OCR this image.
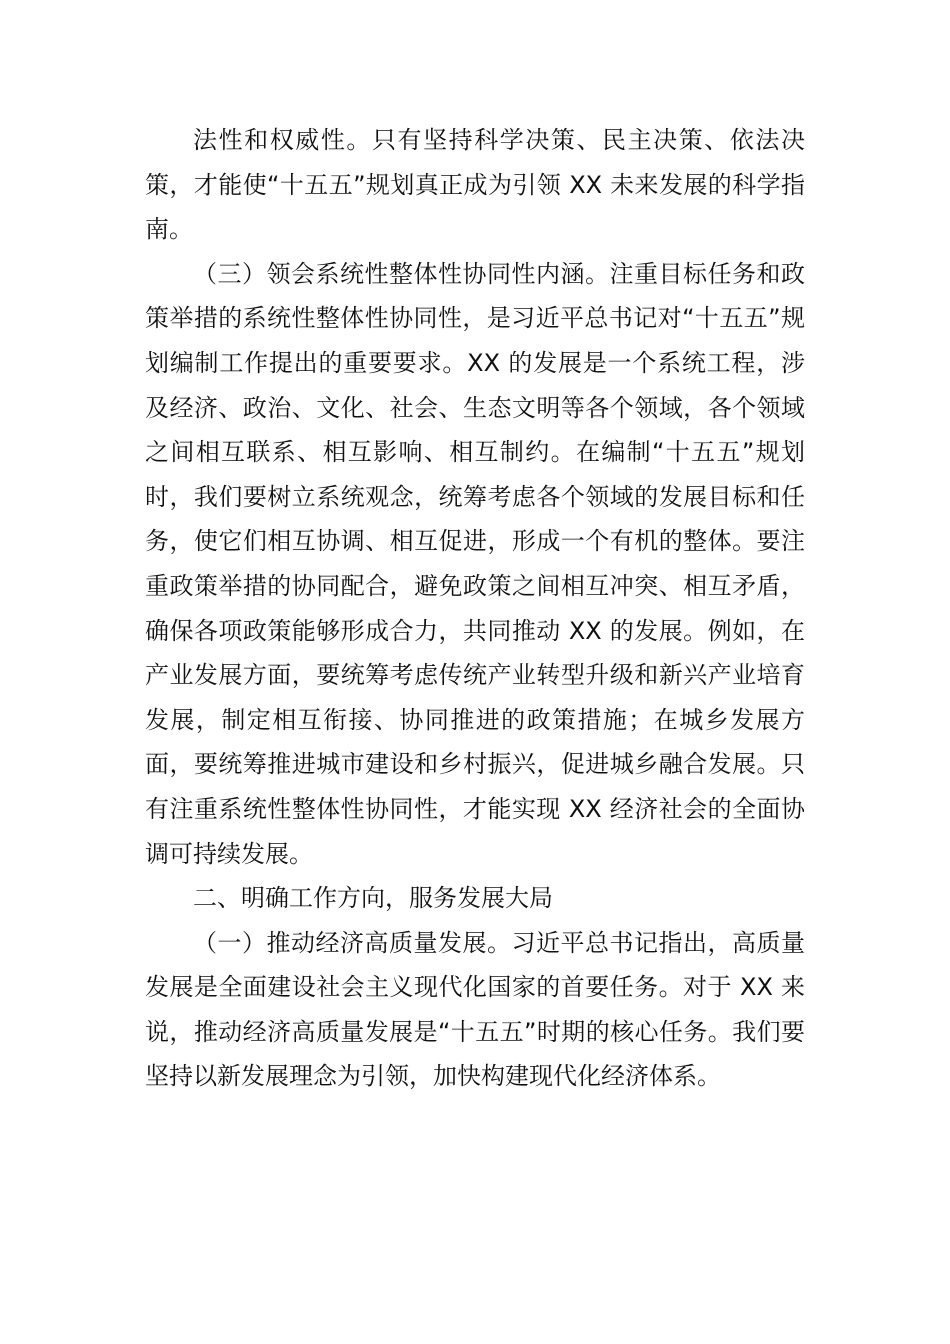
法性和权威性。只有坚持科学决策、民主决策、依法决策，才能使“十五五”规划真正成为引领 XX 未来发展的科学指南。

（三）领会系统性整体性协同性内涵。注重目标任务和政策举措的系统性整体性协同性，是习近平总书记对“十五五”规划编制工作提出的重要要求。XX 的发展是一个系统工程，涉及经济、政治、文化、社会、生态文明等各个领域，各个领域之间相互联系、相互影响、相互制约。在编制“十五五”规划时，我们要树立系统观念，统筹考虑各个领域的发展目标和任务，使它们相互协调、相互促进，形成一个有机的整体。要注重政策举措的协同配合，避免政策之间相互冲突、相互矛盾，确保各项政策能够形成合力，共同推动 XX 的发展。例如，在产业发展方面，要统筹考虑传统产业转型升级和新兴产业培育发展，制定相互衔接、协同推进的政策措施；在城乡发展方面，要统筹推进城市建设和乡村振兴，促进城乡融合发展。只有注重系统性整体性协同性，才能实现 XX 经济社会的全面协调可持续发展。

二、明确工作方向，服务发展大局

（一）推动经济高质量发展。习近平总书记指出，高质量发展是全面建设社会主义现代化国家的首要任务。对于 XX 来说，推动经济高质量发展是“十五五”时期的核心任务。我们要坚持以新发展理念为引领，加快构建现代化经济体系。
